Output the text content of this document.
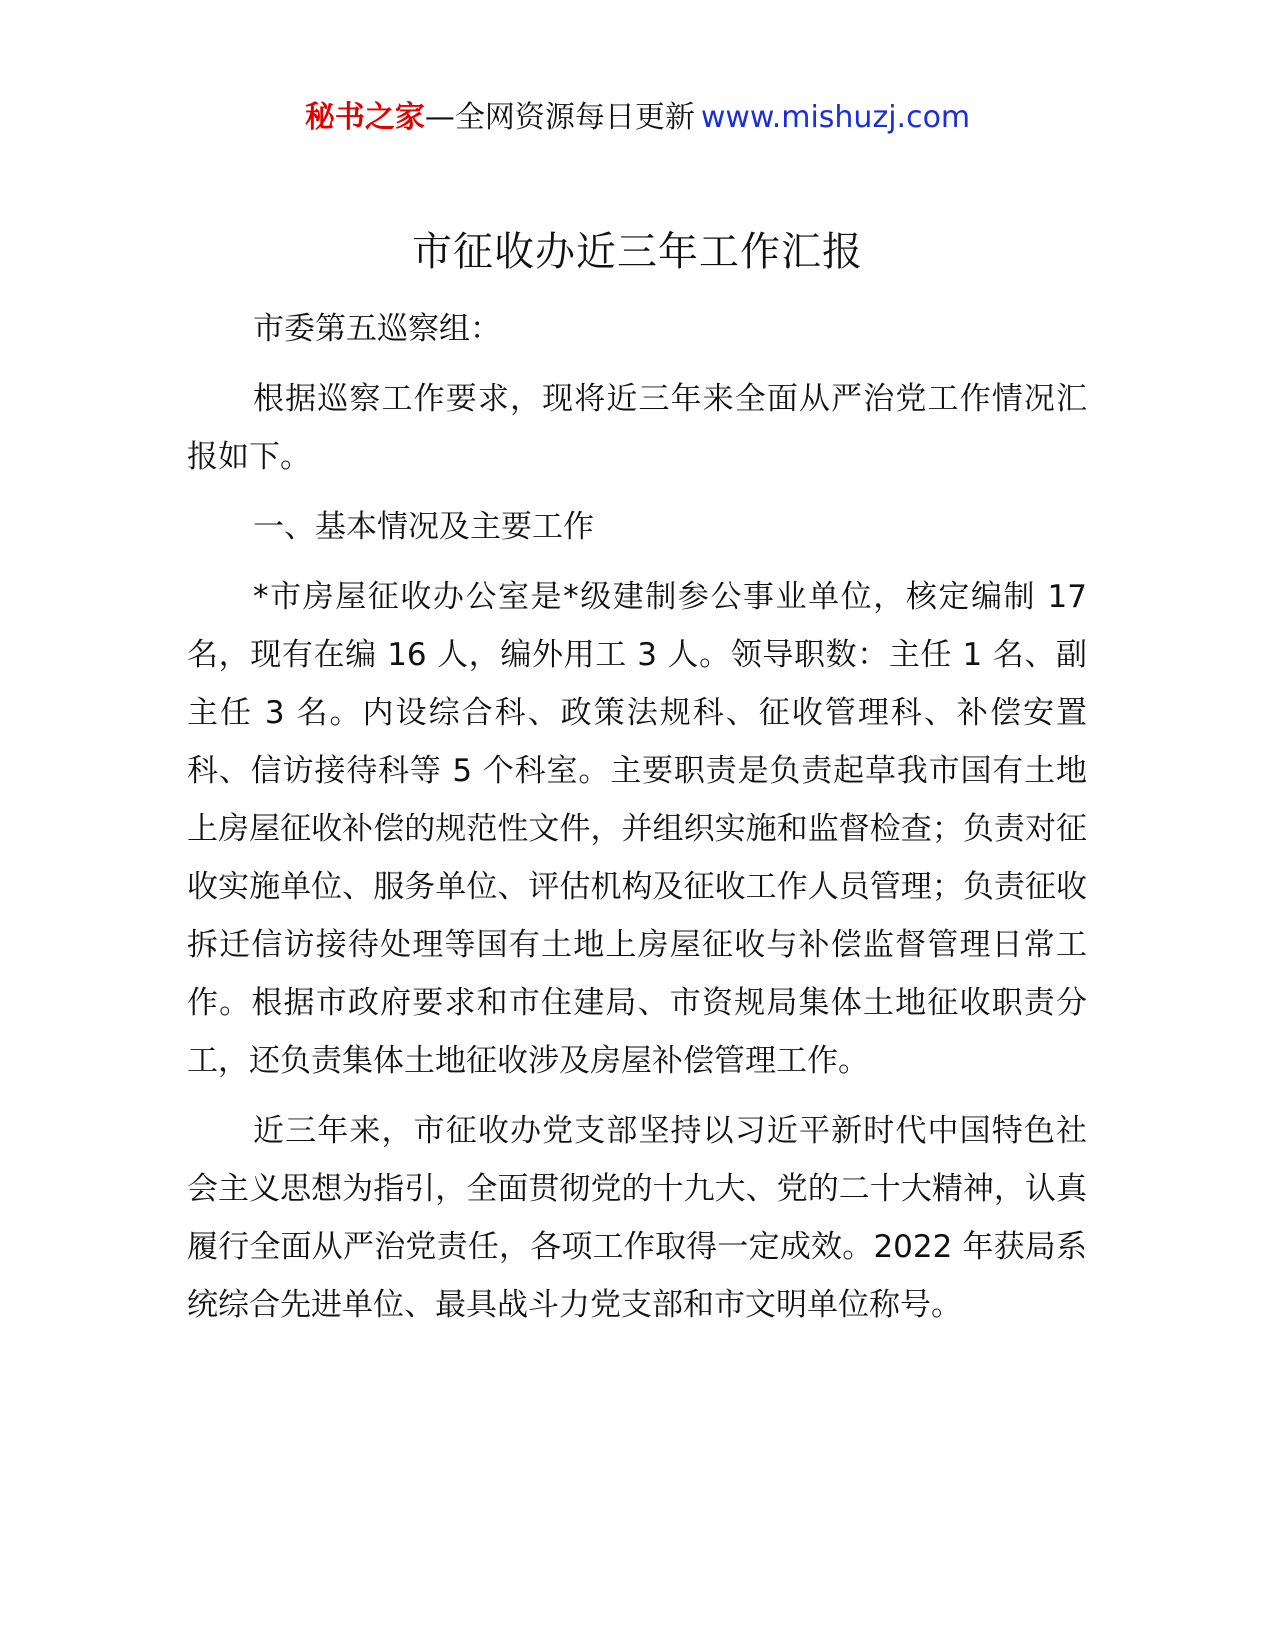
秘书之家—全网资源每日更新 www.mishuzj.com
市征收办近三年工作汇报

市委第五巡察组：

根据巡察工作要求，现将近三年来全面从严治党工作情况汇报如下。

一、基本情况及主要工作

*市房屋征收办公室是*级建制参公事业单位，核定编制 17 名，现有在编 16 人，编外用工 3 人。领导职数：主任 1 名、副主任 3 名。内设综合科、政策法规科、征收管理科、补偿安置科、信访接待科等 5 个科室。主要职责是负责起草我市国有土地上房屋征收补偿的规范性文件，并组织实施和监督检查；负责对征收实施单位、服务单位、评估机构及征收工作人员管理；负责征收拆迁信访接待处理等国有土地上房屋征收与补偿监督管理日常工作。根据市政府要求和市住建局、市资规局集体土地征收职责分工，还负责集体土地征收涉及房屋补偿管理工作。

近三年来，市征收办党支部坚持以习近平新时代中国特色社会主义思想为指引，全面贯彻党的十九大、党的二十大精神，认真履行全面从严治党责任，各项工作取得一定成效。2022 年获局系统综合先进单位、最具战斗力党支部和市文明单位称号。
